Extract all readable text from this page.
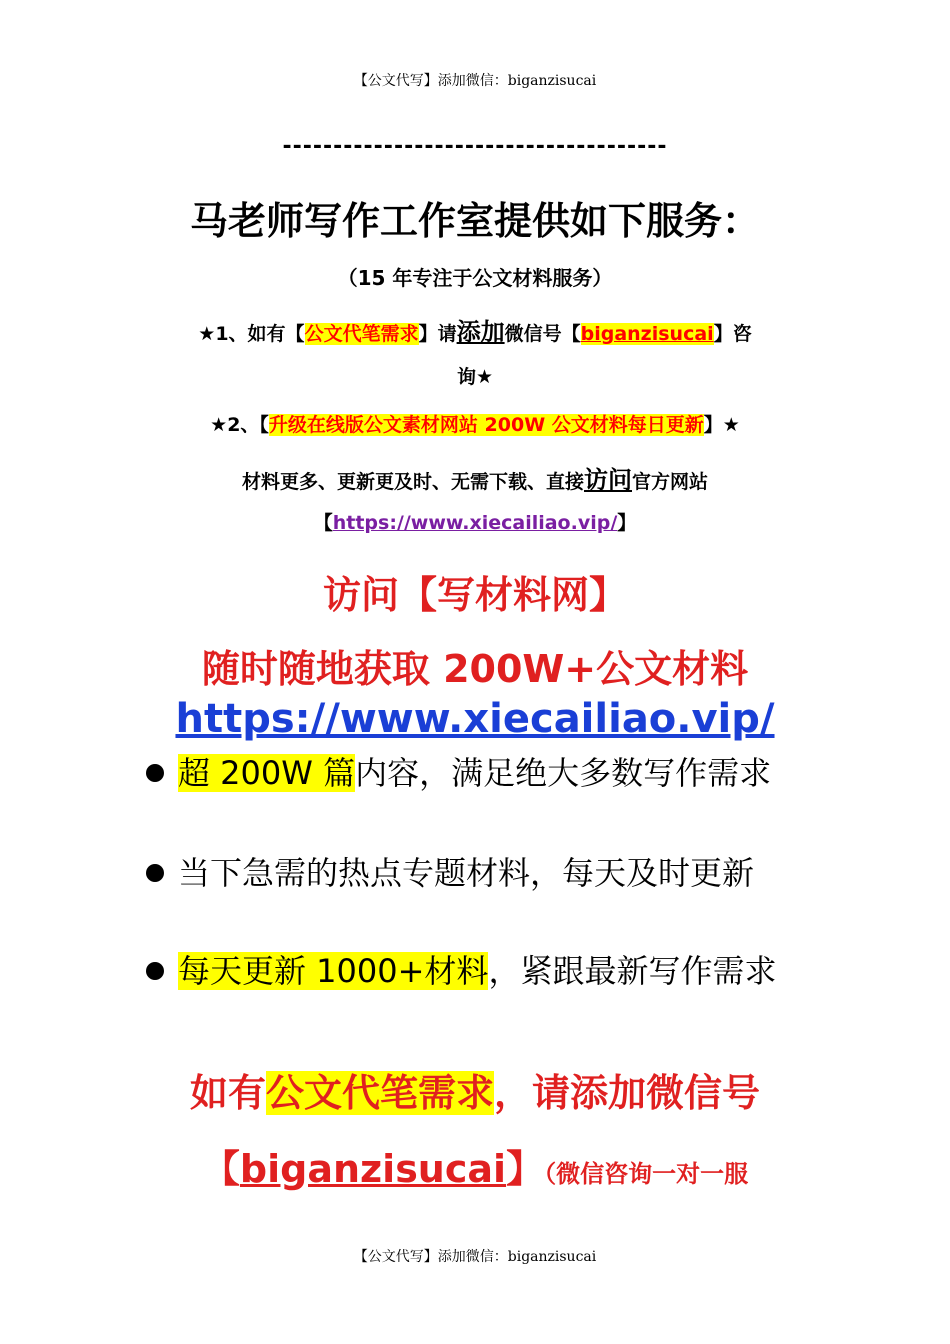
【公文代写】添加微信：biganzisucai
--------------------------------------
马老师写作工作室提供如下服务：
（15 年专注于公文材料服务）
★1、如有【公文代笔需求】请添加微信号【biganzisucai】咨
询★
★2、【升级在线版公文素材网站 200W 公文材料每日更新】★
材料更多、更新更及时、无需下载、直接访问官方网站
【https://www.xiecailiao.vip/】
访问【写材料网】
随时随地获取 200W+公文材料
https://www.xiecailiao.vip/
超 200W 篇内容，满足绝大多数写作需求
当下急需的热点专题材料，每天及时更新
每天更新 1000+材料，紧跟最新写作需求
如有公文代笔需求，请添加微信号
【biganzisucai】（微信咨询一对一服
【公文代写】添加微信：biganzisucai
